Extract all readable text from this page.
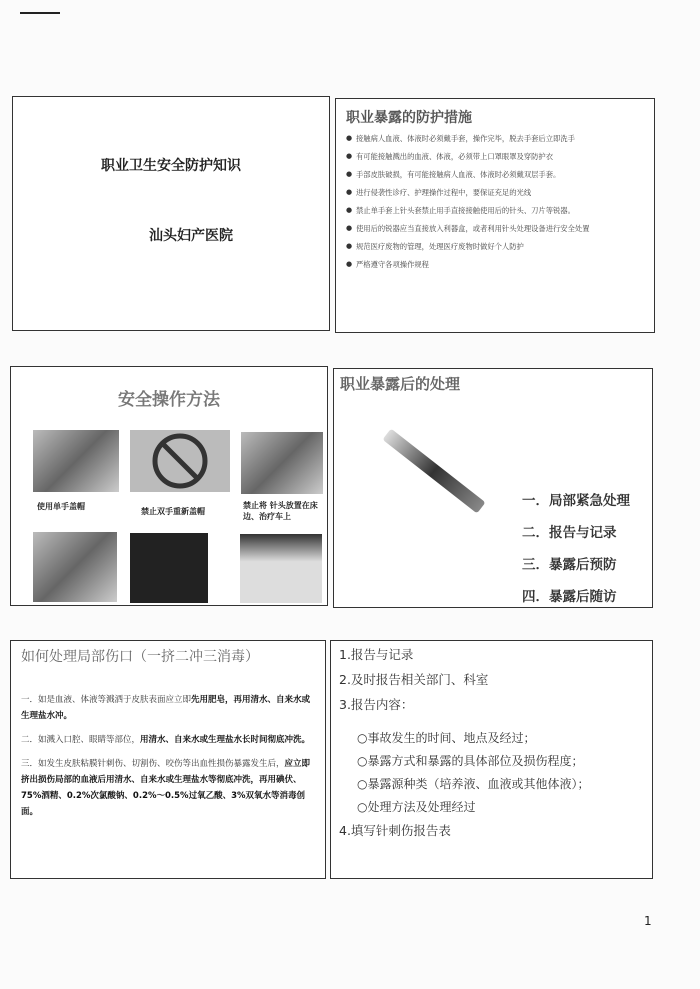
职业卫生安全防护知识
汕头妇产医院
职业暴露的防护措施
● 接触病人血液、体液时必须戴手套，操作完毕，脱去手套后立即洗手
● 有可能接触溅出的血液、体液，必须带上口罩眼罩及穿防护衣
● 手部皮肤破损，有可能接触病人血液、体液时必须戴双层手套。
● 进行侵袭性诊疗、护理操作过程中，要保证充足的光线
● 禁止单手套上针头套禁止用手直接接触使用后的针头、刀片等锐器。
● 使用后的锐器应当直接放入利器盒，或者利用针头处理设备进行安全处置
● 规范医疗废物的管理，处理医疗废物时做好个人防护
● 严格遵守各项操作规程
安全操作方法
使用单手盖帽
禁止双手重新盖帽
禁止将 针头放置在床边、治疗车上
职业暴露后的处理
一．局部紧急处理
二．报告与记录
三．暴露后预防
四．暴露后随访
如何处理局部伤口（一挤二冲三消毒）

一．如是血液、体液等溅洒于皮肤表面应立即先用肥皂，再用清水、自来水或生理盐水冲。

二．如溅入口腔、眼睛等部位，用清水、自来水或生理盐水长时间彻底冲洗。

三．如发生皮肤粘膜针刺伤、切割伤、咬伤等出血性损伤暴露发生后，应立即挤出损伤局部的血液后用清水、自来水或生理盐水等彻底冲洗，再用碘伏、75%酒精、0.2%次氯酸钠、0.2%～0.5%过氧乙酸、3%双氧水等消毒创面。

1.报告与记录
2.及时报告相关部门、科室
3.报告内容：
○事故发生的时间、地点及经过；
○暴露方式和暴露的具体部位及损伤程度；
○暴露源种类（培养液、血液或其他体液）；
○处理方法及处理经过
4.填写针刺伤报告表
1
